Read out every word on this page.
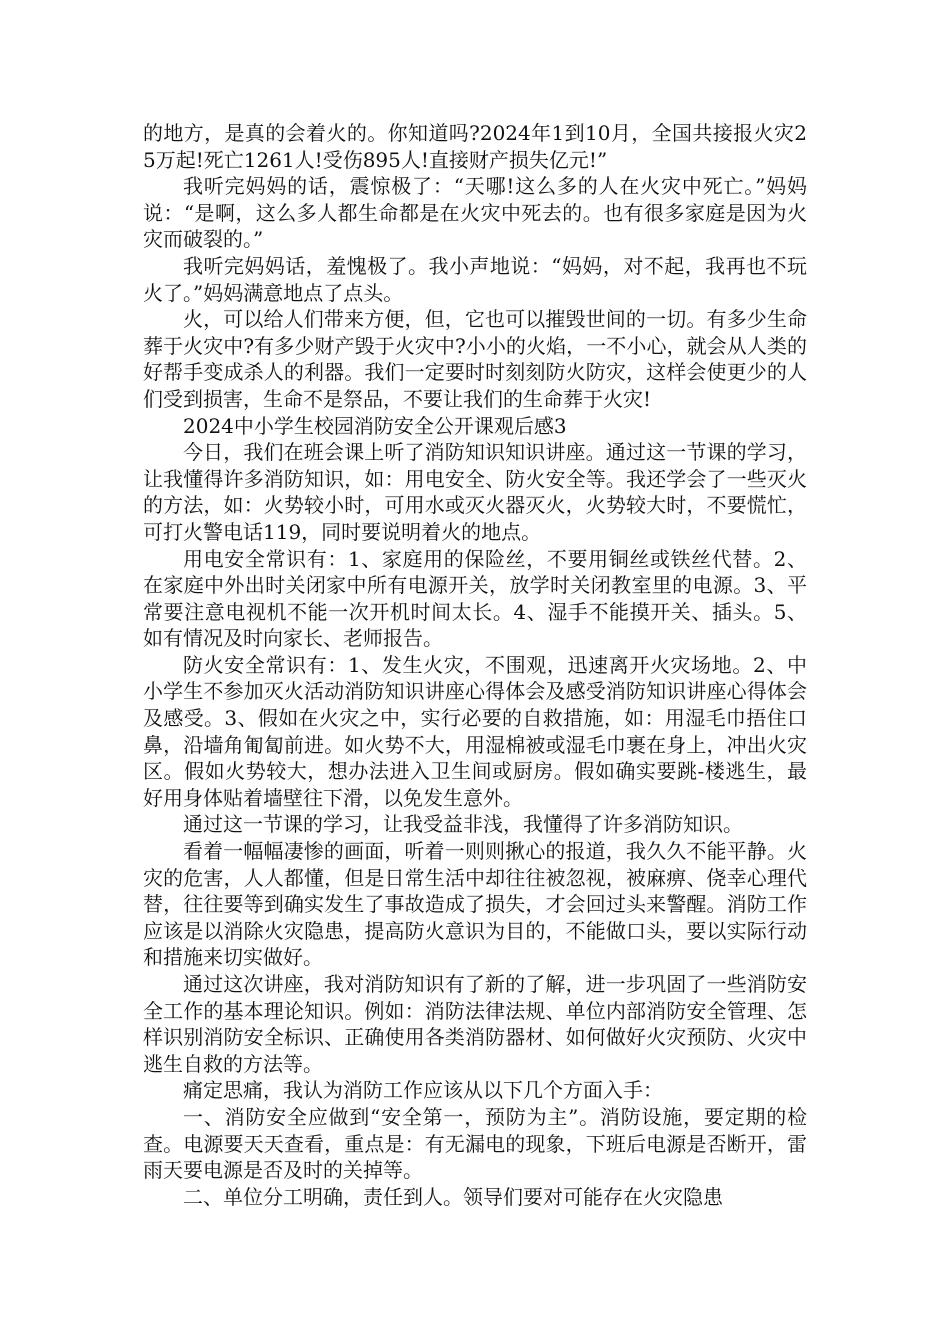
的地方，是真的会着火的。你知道吗?2024年1到10月，全国共接报火灾25万起!死亡1261人!受伤895人!直接财产损失亿元!”

我听完妈妈的话，震惊极了：“天哪!这么多的人在火灾中死亡。”妈妈说：“是啊，这么多人都生命都是在火灾中死去的。也有很多家庭是因为火灾而破裂的。”

我听完妈妈话，羞愧极了。我小声地说：“妈妈，对不起，我再也不玩火了。”妈妈满意地点了点头。

火，可以给人们带来方便，但，它也可以摧毁世间的一切。有多少生命葬于火灾中?有多少财产毁于火灾中?小小的火焰，一不小心，就会从人类的好帮手变成杀人的利器。我们一定要时时刻刻防火防灾，这样会使更少的人们受到损害，生命不是祭品，不要让我们的生命葬于火灾!

2024中小学生校园消防安全公开课观后感3

今日，我们在班会课上听了消防知识知识讲座。通过这一节课的学习，让我懂得许多消防知识，如：用电安全、防火安全等。我还学会了一些灭火的方法，如：火势较小时，可用水或灭火器灭火，火势较大时，不要慌忙，可打火警电话119，同时要说明着火的地点。

用电安全常识有：1、家庭用的保险丝，不要用铜丝或铁丝代替。2、在家庭中外出时关闭家中所有电源开关，放学时关闭教室里的电源。3、平常要注意电视机不能一次开机时间太长。4、湿手不能摸开关、插头。5、如有情况及时向家长、老师报告。

防火安全常识有：1、发生火灾，不围观，迅速离开火灾场地。2、中小学生不参加灭火活动消防知识讲座心得体会及感受消防知识讲座心得体会及感受。3、假如在火灾之中，实行必要的自救措施，如：用湿毛巾捂住口鼻，沿墙角匍匐前进。如火势不大，用湿棉被或湿毛巾裹在身上，冲出火灾区。假如火势较大，想办法进入卫生间或厨房。假如确实要跳-楼逃生，最好用身体贴着墙壁往下滑，以免发生意外。

通过这一节课的学习，让我受益非浅，我懂得了许多消防知识。

看着一幅幅凄惨的画面，听着一则则揪心的报道，我久久不能平静。火灾的危害，人人都懂，但是日常生活中却往往被忽视，被麻痹、侥幸心理代替，往往要等到确实发生了事故造成了损失，才会回过头来警醒。消防工作应该是以消除火灾隐患，提高防火意识为目的，不能做口头，要以实际行动和措施来切实做好。

通过这次讲座，我对消防知识有了新的了解，进一步巩固了一些消防安全工作的基本理论知识。例如：消防法律法规、单位内部消防安全管理、怎样识别消防安全标识、正确使用各类消防器材、如何做好火灾预防、火灾中逃生自救的方法等。

痛定思痛，我认为消防工作应该从以下几个方面入手：

一、消防安全应做到“安全第一，预防为主”。消防设施，要定期的检查。电源要天天查看，重点是：有无漏电的现象，下班后电源是否断开，雷雨天要电源是否及时的关掉等。

二、单位分工明确，责任到人。领导们要对可能存在火灾隐患
